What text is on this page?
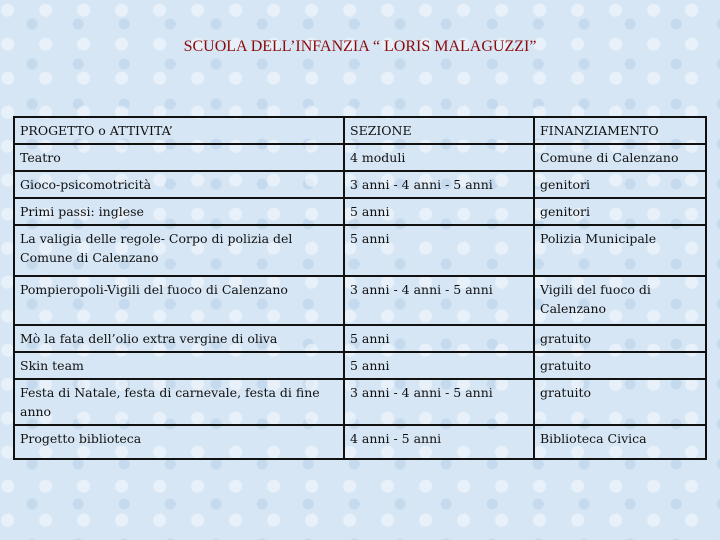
SCUOLA DELL’INFANZIA “ LORIS MALAGUZZI”
PROGETTO o ATTIVITA’	SEZIONE	FINANZIAMENTO
Teatro	4 moduli	Comune di Calenzano
Gioco-psicomotricità	3 anni - 4 anni - 5 anni	genitori
Primi passi: inglese	5 anni	genitori
La valigia delle regole- Corpo di polizia del Comune di Calenzano	5 anni	Polizia Municipale
Pompieropoli-Vigili del fuoco di Calenzano	3 anni - 4 anni - 5 anni	Vigili del fuoco di Calenzano
Mò la fata dell’olio extra vergine di oliva	5 anni	gratuito
Skin team	5 anni	gratuito
Festa di Natale, festa di carnevale, festa di fine anno	3 anni - 4 anni - 5 anni	gratuito
Progetto biblioteca	4 anni - 5 anni	Biblioteca Civica
